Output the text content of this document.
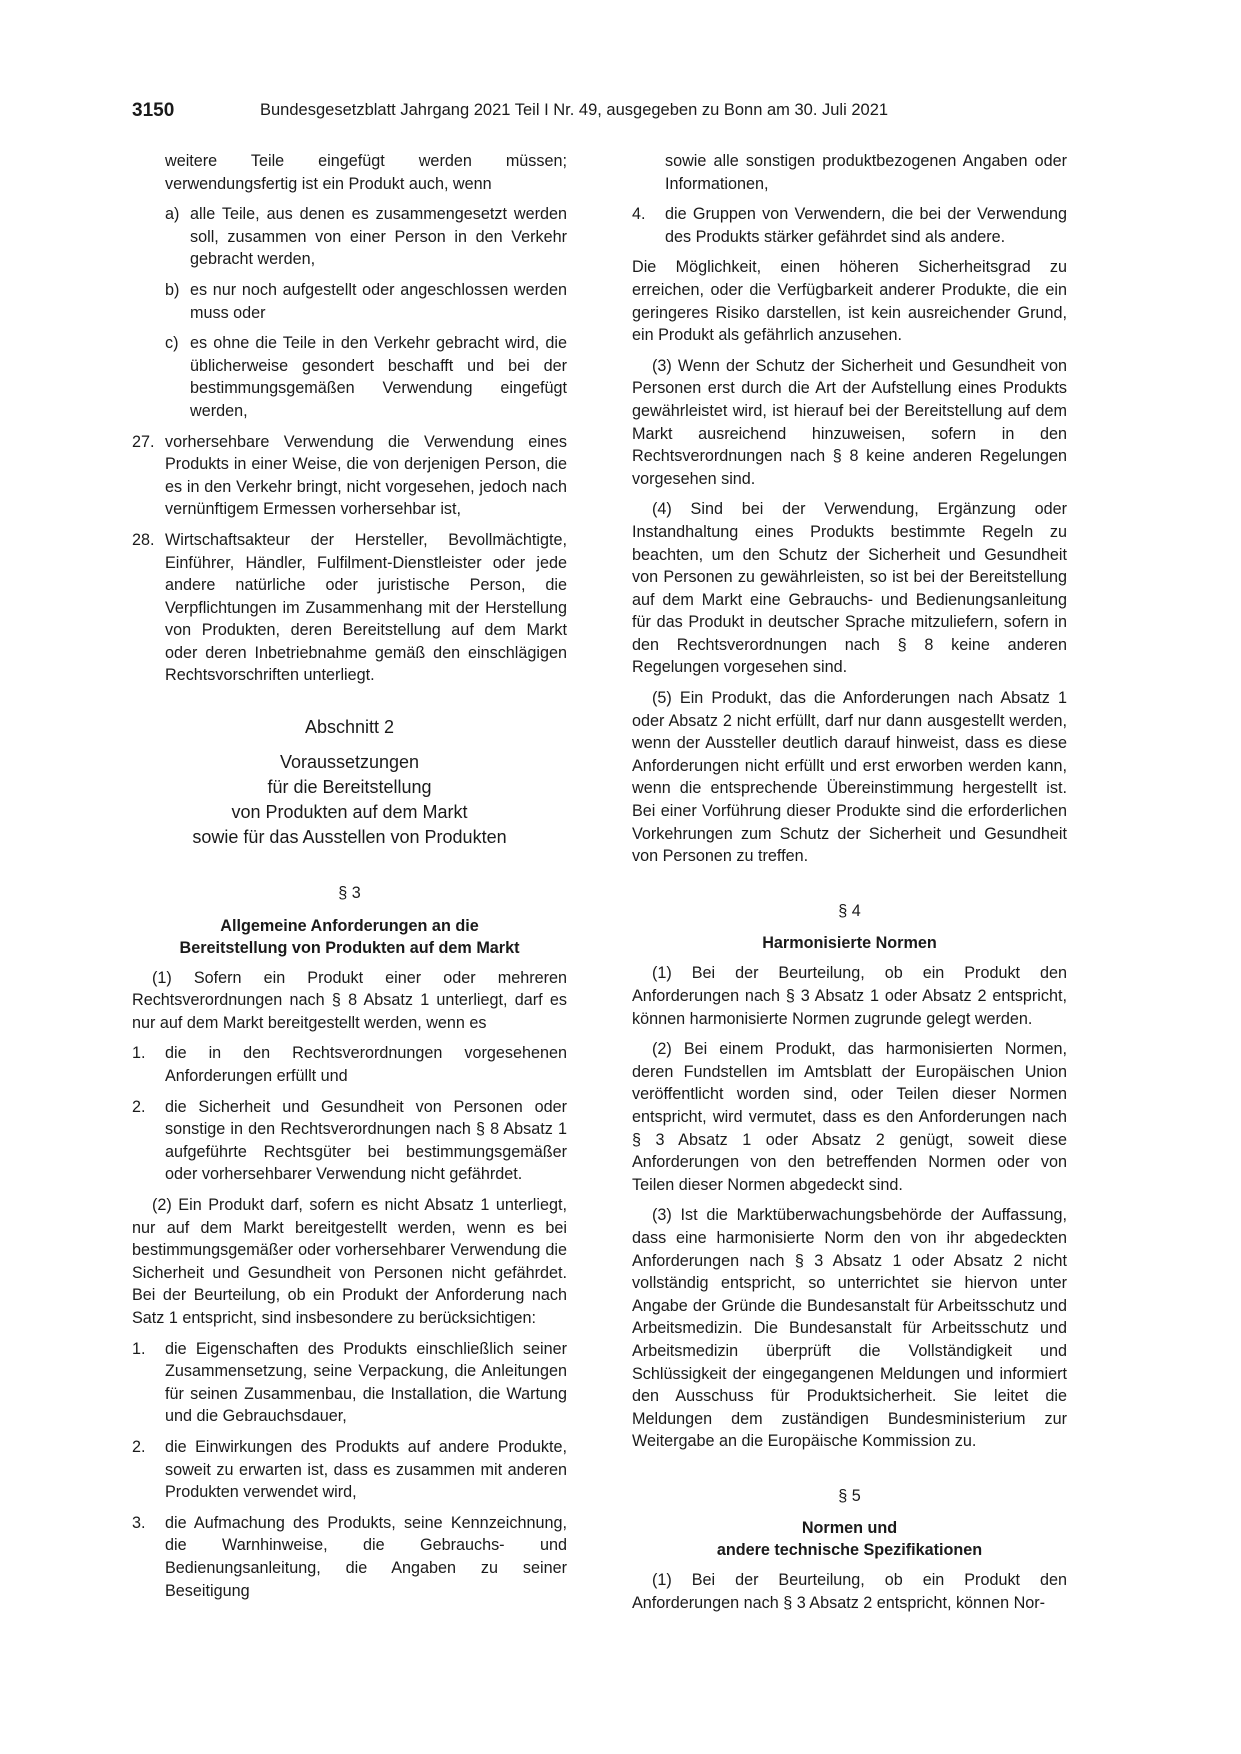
3150	Bundesgesetzblatt Jahrgang 2021 Teil I Nr. 49, ausgegeben zu Bonn am 30. Juli 2021

weitere Teile eingefügt werden müssen; verwendungsfertig ist ein Produkt auch, wenn

a) alle Teile, aus denen es zusammengesetzt werden soll, zusammen von einer Person in den Verkehr gebracht werden,
b) es nur noch aufgestellt oder angeschlossen werden muss oder
c) es ohne die Teile in den Verkehr gebracht wird, die üblicherweise gesondert beschafft und bei der bestimmungsgemäßen Verwendung eingefügt werden,
27. vorhersehbare Verwendung die Verwendung eines Produkts in einer Weise, die von derjenigen Person, die es in den Verkehr bringt, nicht vorgesehen, jedoch nach vernünftigem Ermessen vorhersehbar ist,
28. Wirtschaftsakteur der Hersteller, Bevollmächtigte, Einführer, Händler, Fulfilment-Dienstleister oder jede andere natürliche oder juristische Person, die Verpflichtungen im Zusammenhang mit der Herstellung von Produkten, deren Bereitstellung auf dem Markt oder deren Inbetriebnahme gemäß den einschlägigen Rechtsvorschriften unterliegt.

Abschnitt 2

Voraussetzungen
für die Bereitstellung
von Produkten auf dem Markt
sowie für das Ausstellen von Produkten

§ 3

Allgemeine Anforderungen an die
Bereitstellung von Produkten auf dem Markt

(1) Sofern ein Produkt einer oder mehreren Rechtsverordnungen nach § 8 Absatz 1 unterliegt, darf es nur auf dem Markt bereitgestellt werden, wenn es

1. die in den Rechtsverordnungen vorgesehenen Anforderungen erfüllt und
2. die Sicherheit und Gesundheit von Personen oder sonstige in den Rechtsverordnungen nach § 8 Absatz 1 aufgeführte Rechtsgüter bei bestimmungsgemäßer oder vorhersehbarer Verwendung nicht gefährdet.

(2) Ein Produkt darf, sofern es nicht Absatz 1 unterliegt, nur auf dem Markt bereitgestellt werden, wenn es bei bestimmungsgemäßer oder vorhersehbarer Verwendung die Sicherheit und Gesundheit von Personen nicht gefährdet. Bei der Beurteilung, ob ein Produkt der Anforderung nach Satz 1 entspricht, sind insbesondere zu berücksichtigen:

1. die Eigenschaften des Produkts einschließlich seiner Zusammensetzung, seine Verpackung, die Anleitungen für seinen Zusammenbau, die Installation, die Wartung und die Gebrauchsdauer,
2. die Einwirkungen des Produkts auf andere Produkte, soweit zu erwarten ist, dass es zusammen mit anderen Produkten verwendet wird,
3. die Aufmachung des Produkts, seine Kennzeichnung, die Warnhinweise, die Gebrauchs- und Bedienungsanleitung, die Angaben zu seiner Beseitigung

sowie alle sonstigen produktbezogenen Angaben oder Informationen,

4. die Gruppen von Verwendern, die bei der Verwendung des Produkts stärker gefährdet sind als andere.

Die Möglichkeit, einen höheren Sicherheitsgrad zu erreichen, oder die Verfügbarkeit anderer Produkte, die ein geringeres Risiko darstellen, ist kein ausreichender Grund, ein Produkt als gefährlich anzusehen.

(3) Wenn der Schutz der Sicherheit und Gesundheit von Personen erst durch die Art der Aufstellung eines Produkts gewährleistet wird, ist hierauf bei der Bereitstellung auf dem Markt ausreichend hinzuweisen, sofern in den Rechtsverordnungen nach § 8 keine anderen Regelungen vorgesehen sind.

(4) Sind bei der Verwendung, Ergänzung oder Instandhaltung eines Produkts bestimmte Regeln zu beachten, um den Schutz der Sicherheit und Gesundheit von Personen zu gewährleisten, so ist bei der Bereitstellung auf dem Markt eine Gebrauchs- und Bedienungsanleitung für das Produkt in deutscher Sprache mitzuliefern, sofern in den Rechtsverordnungen nach § 8 keine anderen Regelungen vorgesehen sind.

(5) Ein Produkt, das die Anforderungen nach Absatz 1 oder Absatz 2 nicht erfüllt, darf nur dann ausgestellt werden, wenn der Aussteller deutlich darauf hinweist, dass es diese Anforderungen nicht erfüllt und erst erworben werden kann, wenn die entsprechende Übereinstimmung hergestellt ist. Bei einer Vorführung dieser Produkte sind die erforderlichen Vorkehrungen zum Schutz der Sicherheit und Gesundheit von Personen zu treffen.

§ 4

Harmonisierte Normen

(1) Bei der Beurteilung, ob ein Produkt den Anforderungen nach § 3 Absatz 1 oder Absatz 2 entspricht, können harmonisierte Normen zugrunde gelegt werden.

(2) Bei einem Produkt, das harmonisierten Normen, deren Fundstellen im Amtsblatt der Europäischen Union veröffentlicht worden sind, oder Teilen dieser Normen entspricht, wird vermutet, dass es den Anforderungen nach § 3 Absatz 1 oder Absatz 2 genügt, soweit diese Anforderungen von den betreffenden Normen oder von Teilen dieser Normen abgedeckt sind.

(3) Ist die Marktüberwachungsbehörde der Auffassung, dass eine harmonisierte Norm den von ihr abgedeckten Anforderungen nach § 3 Absatz 1 oder Absatz 2 nicht vollständig entspricht, so unterrichtet sie hiervon unter Angabe der Gründe die Bundesanstalt für Arbeitsschutz und Arbeitsmedizin. Die Bundesanstalt für Arbeitsschutz und Arbeitsmedizin überprüft die Vollständigkeit und Schlüssigkeit der eingegangenen Meldungen und informiert den Ausschuss für Produktsicherheit. Sie leitet die Meldungen dem zuständigen Bundesministerium zur Weitergabe an die Europäische Kommission zu.

§ 5

Normen und
andere technische Spezifikationen

(1) Bei der Beurteilung, ob ein Produkt den Anforderungen nach § 3 Absatz 2 entspricht, können Nor-
